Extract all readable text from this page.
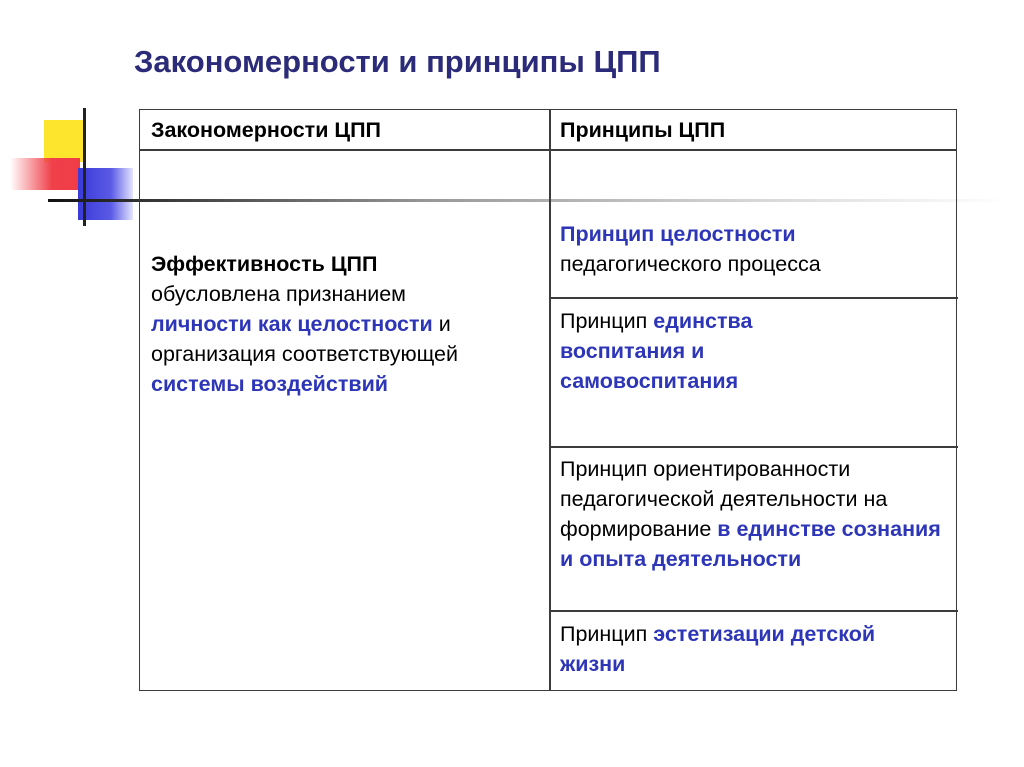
Закономерности и принципы ЦПП
Закономерности ЦПП	Принципы ЦПП
Эффективность ЦПП
обусловлена признанием
личности как целостности и организация соответствующей системы воздействий
Принцип целостности
педагогического процесса
Принцип единства воспитания и самовоспитания
Принцип ориентированности педагогической деятельности на формирование в единстве сознания и опыта деятельности
Принцип эстетизации детской жизни
